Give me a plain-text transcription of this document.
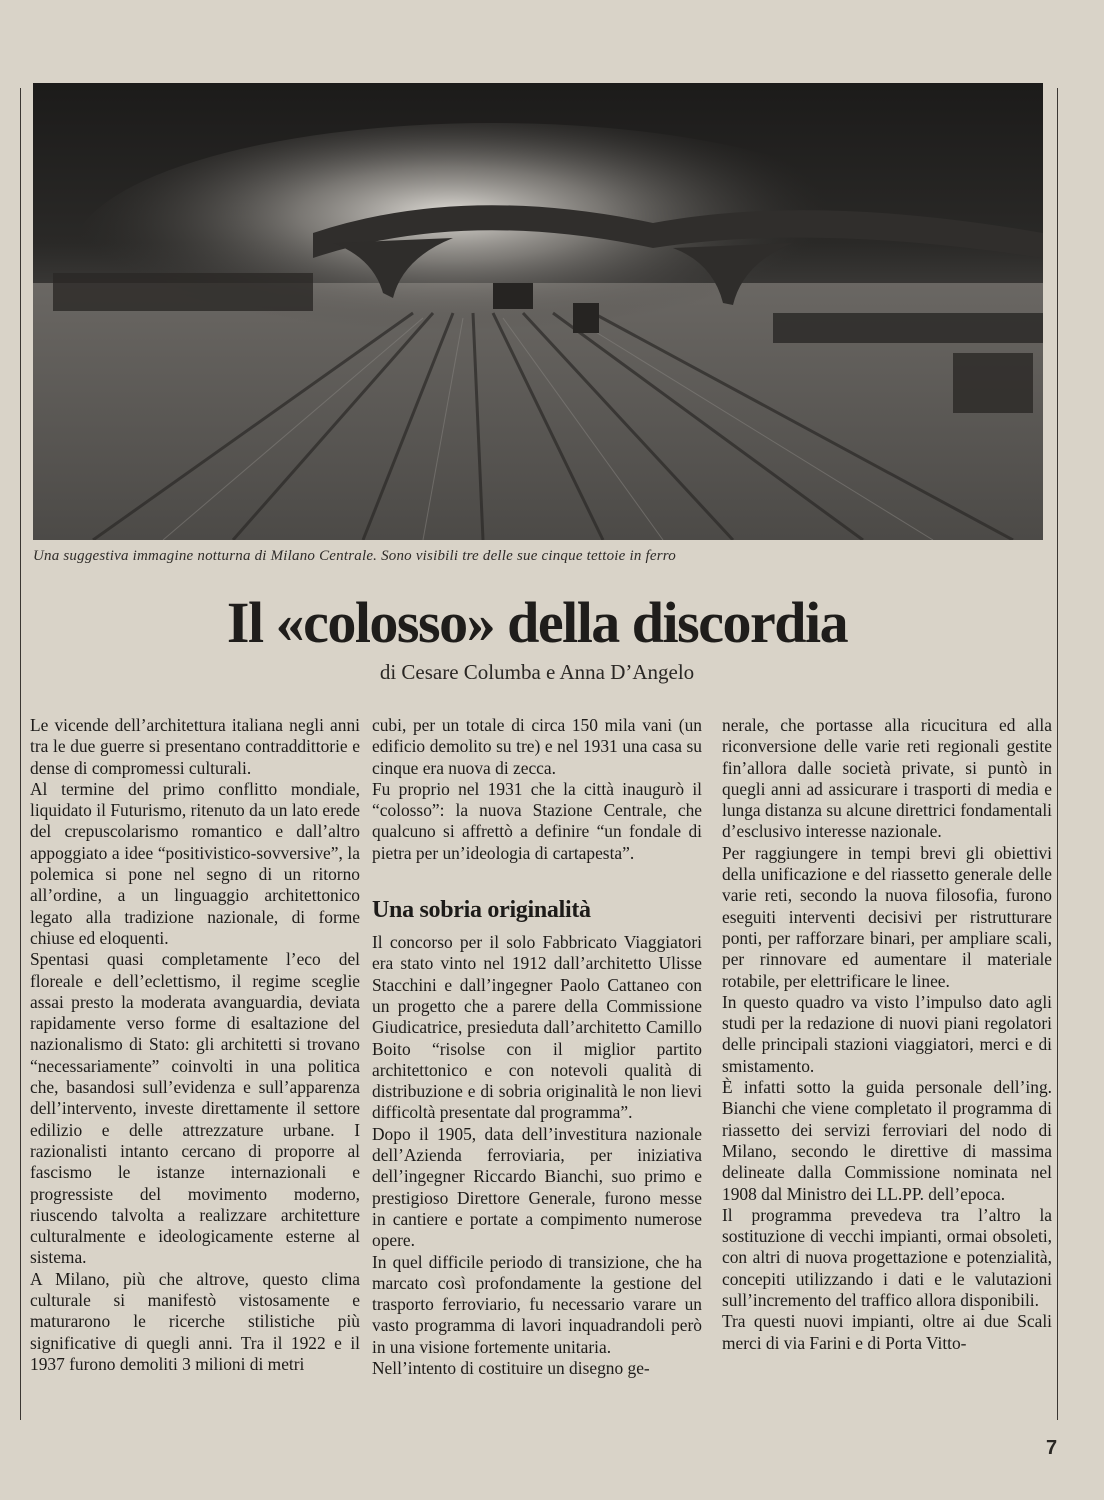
Una suggestiva immagine notturna di Milano Centrale. Sono visibili tre delle sue cinque tettoie in ferro
Il «colosso» della discordia
di Cesare Columba e Anna D’Angelo

Le vicende dell’architettura italiana negli anni tra le due guerre si presentano contraddittorie e dense di compromessi culturali.

Al termine del primo conflitto mondiale, liquidato il Futurismo, ritenuto da un lato erede del crepuscolarismo romantico e dall’altro appoggiato a idee “positivistico-sovversive”, la polemica si pone nel segno di un ritorno all’ordine, a un linguaggio architettonico legato alla tradizione nazionale, di forme chiuse ed eloquenti.

Spentasi quasi completamente l’eco del floreale e dell’eclettismo, il regime sceglie assai presto la moderata avanguardia, deviata rapidamente verso forme di esaltazione del nazionalismo di Stato: gli architetti si trovano “necessariamente” coinvolti in una politica che, basandosi sull’evidenza e sull’apparenza dell’intervento, investe direttamente il settore edilizio e delle attrezzature urbane. I razionalisti intanto cercano di proporre al fascismo le istanze internazionali e progressiste del movimento moderno, riuscendo talvolta a realizzare architetture culturalmente e ideologicamente esterne al sistema.

A Milano, più che altrove, questo clima culturale si manifestò vistosamente e maturarono le ricerche stilistiche più significative di quegli anni. Tra il 1922 e il 1937 furono demoliti 3 milioni di metri

cubi, per un totale di circa 150 mila vani (un edificio demolito su tre) e nel 1931 una casa su cinque era nuova di zecca.

Fu proprio nel 1931 che la città inaugurò il “colosso”: la nuova Stazione Centrale, che qualcuno si affrettò a definire “un fondale di pietra per un’ideologia di cartapesta”.

Una sobria originalità

Il concorso per il solo Fabbricato Viaggiatori era stato vinto nel 1912 dall’architetto Ulisse Stacchini e dall’ingegner Paolo Cattaneo con un progetto che a parere della Commissione Giudicatrice, presieduta dall’architetto Camillo Boito “risolse con il miglior partito architettonico e con notevoli qualità di distribuzione e di sobria originalità le non lievi difficoltà presentate dal programma”.

Dopo il 1905, data dell’investitura nazionale dell’Azienda ferroviaria, per iniziativa dell’ingegner Riccardo Bianchi, suo primo e prestigioso Direttore Generale, furono messe in cantiere e portate a compimento numerose opere.

In quel difficile periodo di transizione, che ha marcato così profondamente la gestione del trasporto ferroviario, fu necessario varare un vasto programma di lavori inquadrandoli però in una visione fortemente unitaria.

Nell’intento di costituire un disegno ge-

nerale, che portasse alla ricucitura ed alla riconversione delle varie reti regionali gestite fin’allora dalle società private, si puntò in quegli anni ad assicurare i trasporti di media e lunga distanza su alcune direttrici fondamentali d’esclusivo interesse nazionale.

Per raggiungere in tempi brevi gli obiettivi della unificazione e del riassetto generale delle varie reti, secondo la nuova filosofia, furono eseguiti interventi decisivi per ristrutturare ponti, per rafforzare binari, per ampliare scali, per rinnovare ed aumentare il materiale rotabile, per elettrificare le linee.

In questo quadro va visto l’impulso dato agli studi per la redazione di nuovi piani regolatori delle principali stazioni viaggiatori, merci e di smistamento.

È infatti sotto la guida personale dell’ing. Bianchi che viene completato il programma di riassetto dei servizi ferroviari del nodo di Milano, secondo le direttive di massima delineate dalla Commissione nominata nel 1908 dal Ministro dei LL.PP. dell’epoca.

Il programma prevedeva tra l’altro la sostituzione di vecchi impianti, ormai obsoleti, con altri di nuova progettazione e potenzialità, concepiti utilizzando i dati e le valutazioni sull’incremento del traffico allora disponibili.

Tra questi nuovi impianti, oltre ai due Scali merci di via Farini e di Porta Vitto-

7
